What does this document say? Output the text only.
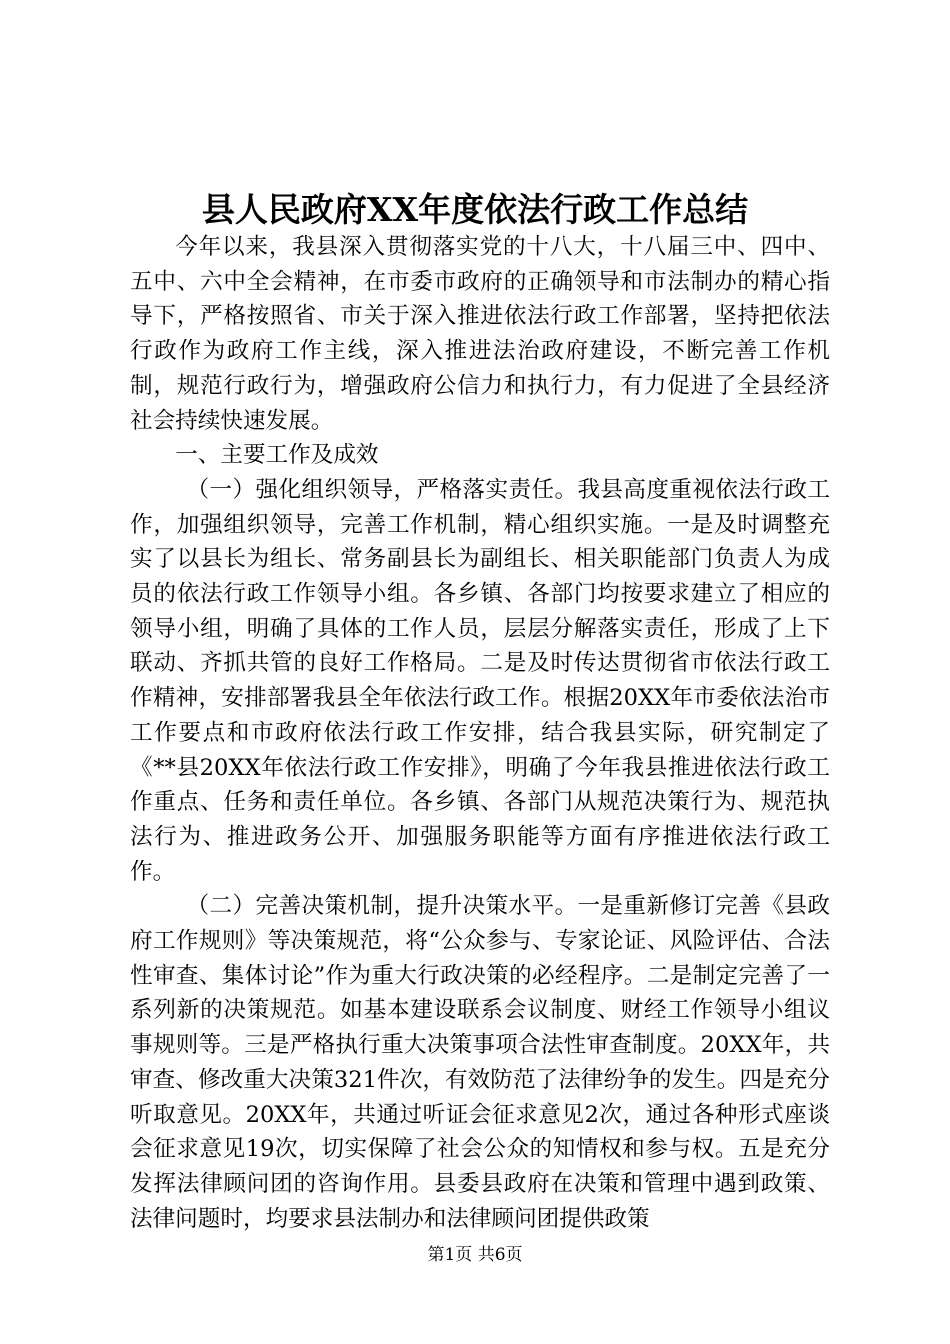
县人民政府XX年度依法行政工作总结

今年以来，我县深入贯彻落实党的十八大，十八届三中、四中、五中、六中全会精神，在市委市政府的正确领导和市法制办的精心指导下，严格按照省、市关于深入推进依法行政工作部署，坚持把依法行政作为政府工作主线，深入推进法治政府建设，不断完善工作机制，规范行政行为，增强政府公信力和执行力，有力促进了全县经济社会持续快速发展。

一、主要工作及成效

（一）强化组织领导，严格落实责任。我县高度重视依法行政工作，加强组织领导，完善工作机制，精心组织实施。一是及时调整充实了以县长为组长、常务副县长为副组长、相关职能部门负责人为成员的依法行政工作领导小组。各乡镇、各部门均按要求建立了相应的领导小组，明确了具体的工作人员，层层分解落实责任，形成了上下联动、齐抓共管的良好工作格局。二是及时传达贯彻省市依法行政工作精神，安排部署我县全年依法行政工作。根据20XX年市委依法治市工作要点和市政府依法行政工作安排，结合我县实际，研究制定了《**县20XX年依法行政工作安排》，明确了今年我县推进依法行政工作重点、任务和责任单位。各乡镇、各部门从规范决策行为、规范执法行为、推进政务公开、加强服务职能等方面有序推进依法行政工作。

（二）完善决策机制，提升决策水平。一是重新修订完善《县政府工作规则》等决策规范，将“公众参与、专家论证、风险评估、合法性审查、集体讨论”作为重大行政决策的必经程序。二是制定完善了一系列新的决策规范。如基本建设联系会议制度、财经工作领导小组议事规则等。三是严格执行重大决策事项合法性审查制度。20XX年，共审查、修改重大决策321件次，有效防范了法律纷争的发生。四是充分听取意见。20XX年，共通过听证会征求意见2次，通过各种形式座谈会征求意见19次，切实保障了社会公众的知情权和参与权。五是充分发挥法律顾问团的咨询作用。县委县政府在决策和管理中遇到政策、法律问题时，均要求县法制办和法律顾问团提供政策

第1页 共6页
